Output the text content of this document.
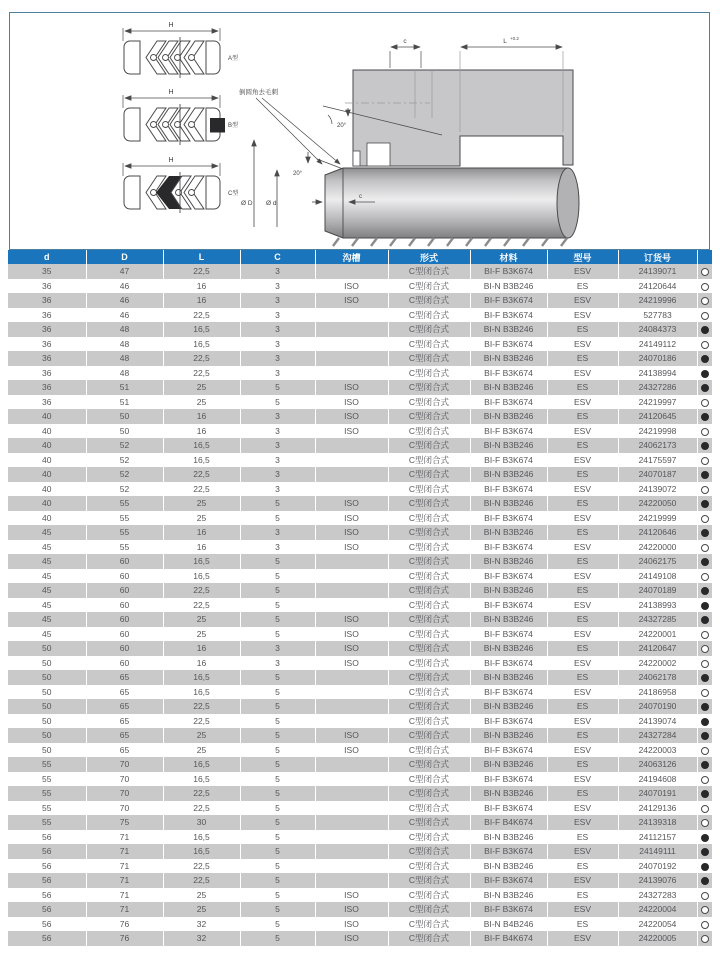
H
A型
H
B型
H
C型
20°
c	L +0.2
倒圆角去毛刺
20°
Ø D Ø d
c
d	D	L	C	沟槽	形式	材料	型号	订货号	
35	47	22,5	3		C型闭合式	BI-F B3K674	ESV	24139071	
36	46	16	3	ISO	C型闭合式	BI-N B3B246	ES	24120644	
36	46	16	3	ISO	C型闭合式	BI-F B3K674	ESV	24219996	
36	46	22,5	3		C型闭合式	BI-F B3K674	ESV	527783	
36	48	16,5	3		C型闭合式	BI-N B3B246	ES	24084373	
36	48	16,5	3		C型闭合式	BI-F B3K674	ESV	24149112	
36	48	22,5	3		C型闭合式	BI-N B3B246	ES	24070186	
36	48	22,5	3		C型闭合式	BI-F B3K674	ESV	24138994	
36	51	25	5	ISO	C型闭合式	BI-N B3B246	ES	24327286	
36	51	25	5	ISO	C型闭合式	BI-F B3K674	ESV	24219997	
40	50	16	3	ISO	C型闭合式	BI-N B3B246	ES	24120645	
40	50	16	3	ISO	C型闭合式	BI-F B3K674	ESV	24219998	
40	52	16,5	3		C型闭合式	BI-N B3B246	ES	24062173	
40	52	16,5	3		C型闭合式	BI-F B3K674	ESV	24175597	
40	52	22,5	3		C型闭合式	BI-N B3B246	ES	24070187	
40	52	22,5	3		C型闭合式	BI-F B3K674	ESV	24139072	
40	55	25	5	ISO	C型闭合式	BI-N B3B246	ES	24220050	
40	55	25	5	ISO	C型闭合式	BI-F B3K674	ESV	24219999	
45	55	16	3	ISO	C型闭合式	BI-N B3B246	ES	24120646	
45	55	16	3	ISO	C型闭合式	BI-F B3K674	ESV	24220000	
45	60	16,5	5		C型闭合式	BI-N B3B246	ES	24062175	
45	60	16,5	5		C型闭合式	BI-F B3K674	ESV	24149108	
45	60	22,5	5		C型闭合式	BI-N B3B246	ES	24070189	
45	60	22,5	5		C型闭合式	BI-F B3K674	ESV	24138993	
45	60	25	5	ISO	C型闭合式	BI-N B3B246	ES	24327285	
45	60	25	5	ISO	C型闭合式	BI-F B3K674	ESV	24220001	
50	60	16	3	ISO	C型闭合式	BI-N B3B246	ES	24120647	
50	60	16	3	ISO	C型闭合式	BI-F B3K674	ESV	24220002	
50	65	16,5	5		C型闭合式	BI-N B3B246	ES	24062178	
50	65	16,5	5		C型闭合式	BI-F B3K674	ESV	24186958	
50	65	22,5	5		C型闭合式	BI-N B3B246	ES	24070190	
50	65	22,5	5		C型闭合式	BI-F B3K674	ESV	24139074	
50	65	25	5	ISO	C型闭合式	BI-N B3B246	ES	24327284	
50	65	25	5	ISO	C型闭合式	BI-F B3K674	ESV	24220003	
55	70	16,5	5		C型闭合式	BI-N B3B246	ES	24063126	
55	70	16,5	5		C型闭合式	BI-F B3K674	ESV	24194608	
55	70	22,5	5		C型闭合式	BI-N B3B246	ES	24070191	
55	70	22,5	5		C型闭合式	BI-F B3K674	ESV	24129136	
55	75	30	5		C型闭合式	BI-F B4K674	ESV	24139318	
56	71	16,5	5		C型闭合式	BI-N B3B246	ES	24112157	
56	71	16,5	5		C型闭合式	BI-F B3K674	ESV	24149111	
56	71	22,5	5		C型闭合式	BI-N B3B246	ES	24070192	
56	71	22,5	5		C型闭合式	BI-F B3K674	ESV	24139076	
56	71	25	5	ISO	C型闭合式	BI-N B3B246	ES	24327283	
56	71	25	5	ISO	C型闭合式	BI-F B3K674	ESV	24220004	
56	76	32	5	ISO	C型闭合式	BI-N B4B246	ES	24220054	
56	76	32	5	ISO	C型闭合式	BI-F B4K674	ESV	24220005	
